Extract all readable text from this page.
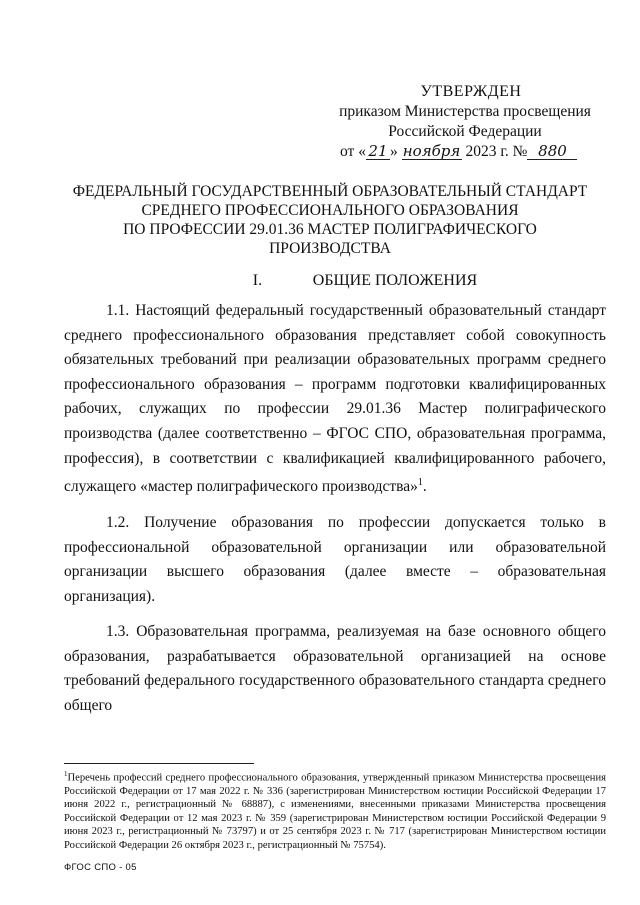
УТВЕРЖДЕН
приказом Министерства просвещения
Российской Федерации
от « 21 » ноября 2023 г. № 880
ФЕДЕРАЛЬНЫЙ ГОСУДАРСТВЕННЫЙ ОБРАЗОВАТЕЛЬНЫЙ СТАНДАРТ
СРЕДНЕГО ПРОФЕССИОНАЛЬНОГО ОБРАЗОВАНИЯ
ПО ПРОФЕССИИ 29.01.36 МАСТЕР ПОЛИГРАФИЧЕСКОГО
ПРОИЗВОДСТВА
I.	ОБЩИЕ ПОЛОЖЕНИЯ

1.1. Настоящий федеральный государственный образовательный стандарт среднего профессионального образования представляет собой совокупность обязательных требований при реализации образовательных программ среднего профессионального образования – программ подготовки квалифицированных рабочих, служащих по профессии 29.01.36 Мастер полиграфического производства (далее соответственно – ФГОС СПО, образовательная программа, профессия), в соответствии с квалификацией квалифицированного рабочего, служащего «мастер полиграфического производства»$^1$.

1.2. Получение образования по профессии допускается только в профессиональной образовательной организации или образовательной организации высшего образования (далее вместе – образовательная организация).

1.3. Образовательная программа, реализуемая на базе основного общего образования, разрабатывается образовательной организацией на основе требований федерального государственного образовательного стандарта среднего общего

$^1$Перечень профессий среднего профессионального образования, утвержденный приказом Министерства просвещения Российской Федерации от 17 мая 2022 г. № 336 (зарегистрирован Министерством юстиции Российской Федерации 17 июня 2022 г., регистрационный № 68887), с изменениями, внесенными приказами Министерства просвещения Российской Федерации от 12 мая 2023 г. № 359 (зарегистрирован Министерством юстиции Российской Федерации 9 июня 2023 г., регистрационный № 73797) и от 25 сентября 2023 г. № 717 (зарегистрирован Министерством юстиции Российской Федерации 26 октября 2023 г., регистрационный № 75754).
ФГОС СПО - 05
